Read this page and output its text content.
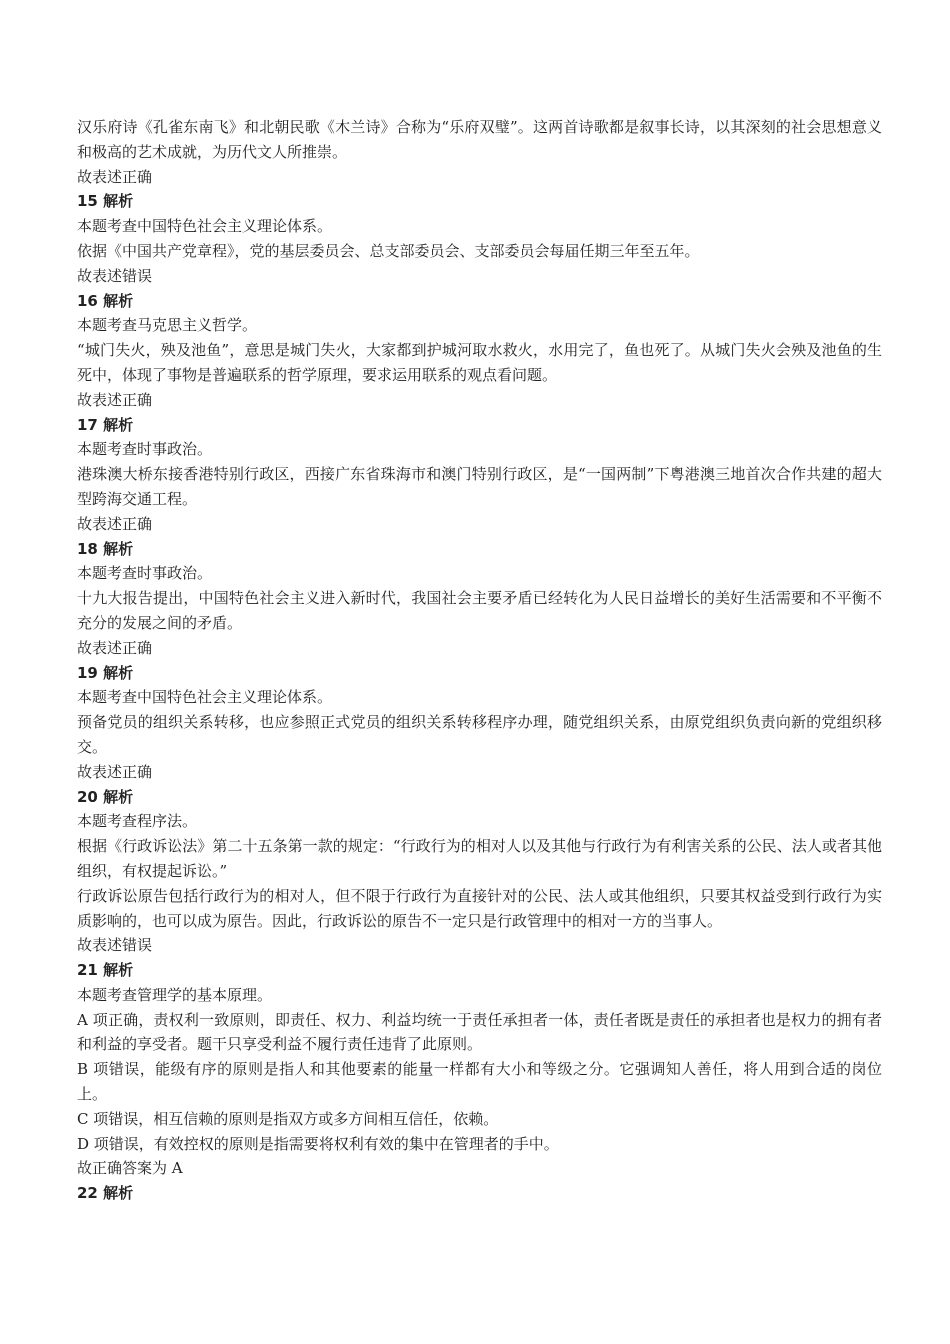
汉乐府诗《孔雀东南飞》和北朝民歌《木兰诗》合称为“乐府双璧”。这两首诗歌都是叙事长诗，以其深刻的社会思想意义和极高的艺术成就，为历代文人所推崇。

故表述正确

15 解析

本题考查中国特色社会主义理论体系。

依据《中国共产党章程》，党的基层委员会、总支部委员会、支部委员会每届任期三年至五年。

故表述错误

16 解析

本题考查马克思主义哲学。

“城门失火，殃及池鱼”，意思是城门失火，大家都到护城河取水救火，水用完了，鱼也死了。从城门失火会殃及池鱼的生死中，体现了事物是普遍联系的哲学原理，要求运用联系的观点看问题。

故表述正确

17 解析

本题考查时事政治。

港珠澳大桥东接香港特别行政区，西接广东省珠海市和澳门特别行政区，是“一国两制”下粤港澳三地首次合作共建的超大型跨海交通工程。

故表述正确

18 解析

本题考查时事政治。

十九大报告提出，中国特色社会主义进入新时代，我国社会主要矛盾已经转化为人民日益增长的美好生活需要和不平衡不充分的发展之间的矛盾。

故表述正确

19 解析

本题考查中国特色社会主义理论体系。

预备党员的组织关系转移，也应参照正式党员的组织关系转移程序办理，随党组织关系，由原党组织负责向新的党组织移交。

故表述正确

20 解析

本题考查程序法。

根据《行政诉讼法》第二十五条第一款的规定：“行政行为的相对人以及其他与行政行为有利害关系的公民、法人或者其他组织，有权提起诉讼。”

行政诉讼原告包括行政行为的相对人，但不限于行政行为直接针对的公民、法人或其他组织，只要其权益受到行政行为实质影响的，也可以成为原告。因此，行政诉讼的原告不一定只是行政管理中的相对一方的当事人。

故表述错误

21 解析

本题考查管理学的基本原理。

A 项正确，责权利一致原则，即责任、权力、利益均统一于责任承担者一体，责任者既是责任的承担者也是权力的拥有者和利益的享受者。题干只享受利益不履行责任违背了此原则。

B 项错误，能级有序的原则是指人和其他要素的能量一样都有大小和等级之分。它强调知人善任，将人用到合适的岗位上。

C 项错误，相互信赖的原则是指双方或多方间相互信任，依赖。

D 项错误，有效控权的原则是指需要将权利有效的集中在管理者的手中。

故正确答案为 A

22 解析
